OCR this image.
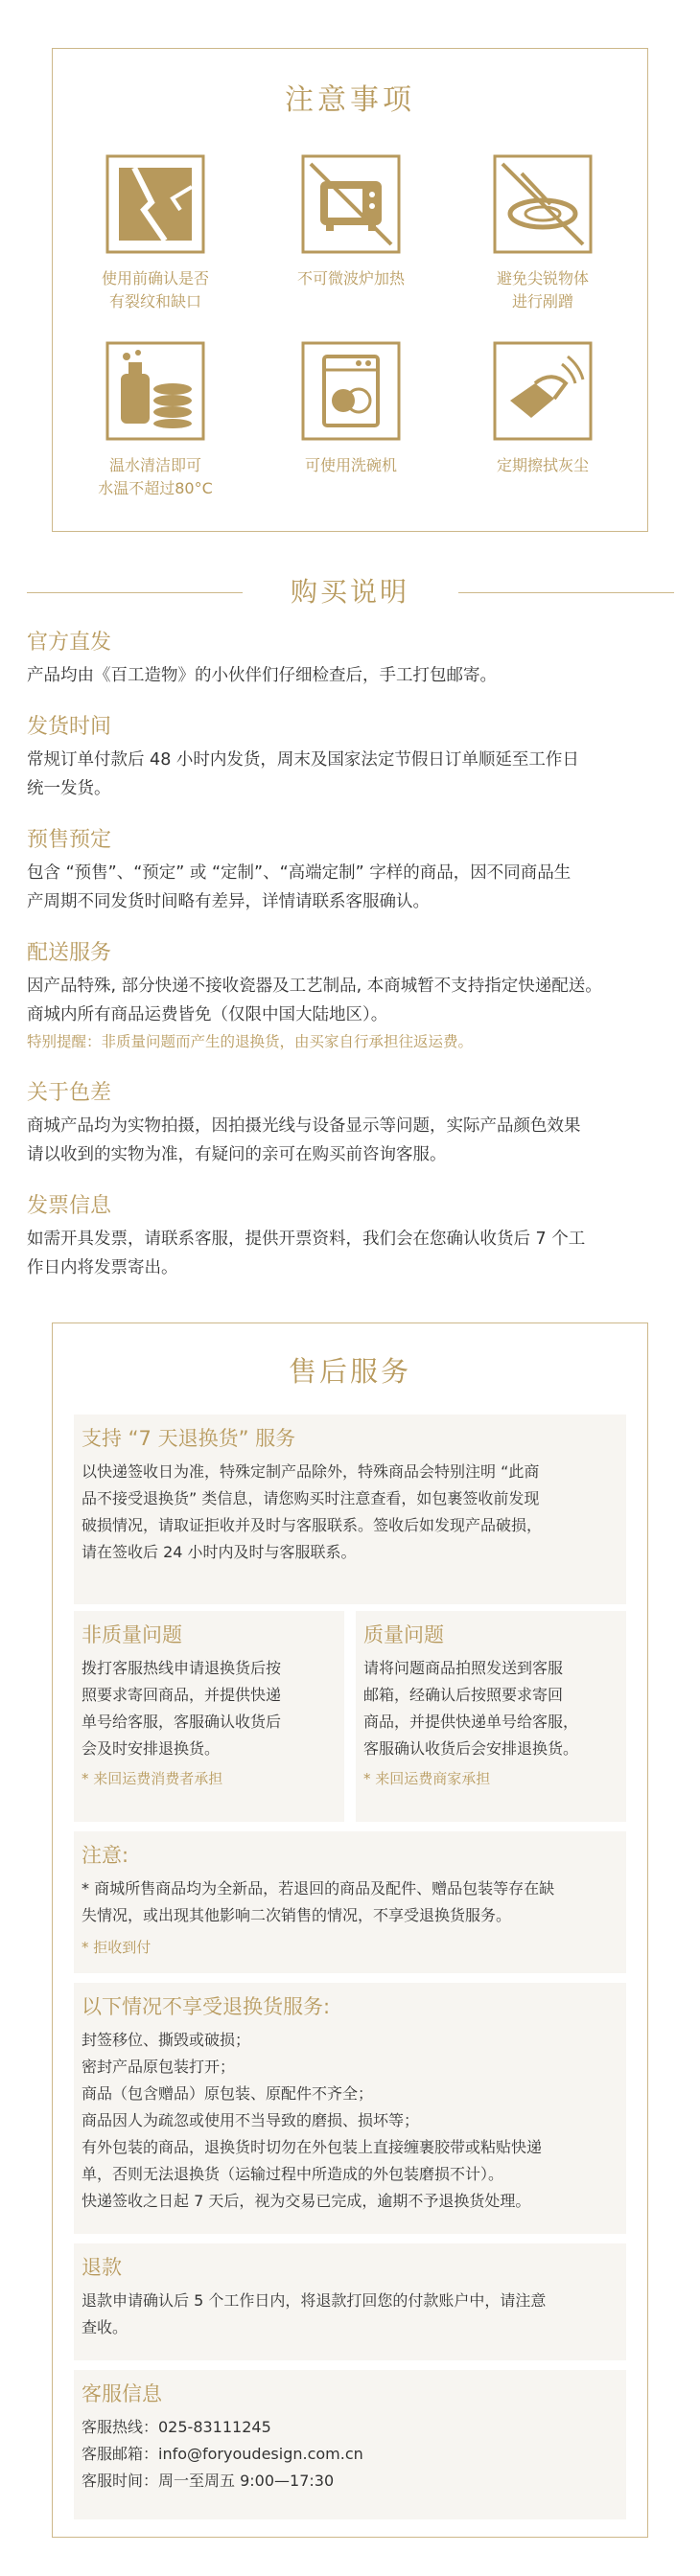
注意事项
使用前确认是否
有裂纹和缺口
不可微波炉加热	避免尖锐物体
进行剐蹭
温水清洁即可
水温不超过80°C
可使用洗碗机	定期擦拭灰尘
购买说明
官方直发
产品均由《百工造物》的小伙伴们仔细检查后，手工打包邮寄。
发货时间
常规订单付款后 48 小时内发货，周末及国家法定节假日订单顺延至工作日
统一发货。
预售预定
包含 “预售”、“预定” 或 “定制”、“高端定制” 字样的商品，因不同商品生
产周期不同发货时间略有差异，详情请联系客服确认。
配送服务
因产品特殊, 部分快递不接收瓷器及工艺制品, 本商城暂不支持指定快递配送。
商城内所有商品运费皆免（仅限中国大陆地区）。
特别提醒：非质量问题而产生的退换货，由买家自行承担往返运费。
关于色差
商城产品均为实物拍摄，因拍摄光线与设备显示等问题，实际产品颜色效果
请以收到的实物为准，有疑问的亲可在购买前咨询客服。
发票信息
如需开具发票，请联系客服，提供开票资料，我们会在您确认收货后 7 个工
作日内将发票寄出。
售后服务
支持 “7 天退换货” 服务
以快递签收日为准，特殊定制产品除外，特殊商品会特别注明 “此商
品不接受退换货” 类信息，请您购买时注意查看，如包裹签收前发现
破损情况，请取证拒收并及时与客服联系。签收后如发现产品破损，
请在签收后 24 小时内及时与客服联系。
非质量问题
拨打客服热线申请退换货后按
照要求寄回商品，并提供快递
单号给客服，客服确认收货后
会及时安排退换货。
* 来回运费消费者承担
质量问题
请将问题商品拍照发送到客服
邮箱，经确认后按照要求寄回
商品，并提供快递单号给客服，
客服确认收货后会安排退换货。
* 来回运费商家承担
注意:
* 商城所售商品均为全新品，若退回的商品及配件、赠品包装等存在缺
失情况，或出现其他影响二次销售的情况，不享受退换货服务。
* 拒收到付
以下情况不享受退换货服务:
封签移位、撕毁或破损；
密封产品原包装打开；
商品（包含赠品）原包装、原配件不齐全；
商品因人为疏忽或使用不当导致的磨损、损坏等；
有外包装的商品，退换货时切勿在外包装上直接缠裹胶带或粘贴快递
单，否则无法退换货（运输过程中所造成的外包装磨损不计）。
快递签收之日起 7 天后，视为交易已完成，逾期不予退换货处理。
退款
退款申请确认后 5 个工作日内，将退款打回您的付款账户中，请注意
查收。
客服信息
客服热线：025-83111245
客服邮箱：info@foryoudesign.com.cn
客服时间：周一至周五 9:00—17:30
